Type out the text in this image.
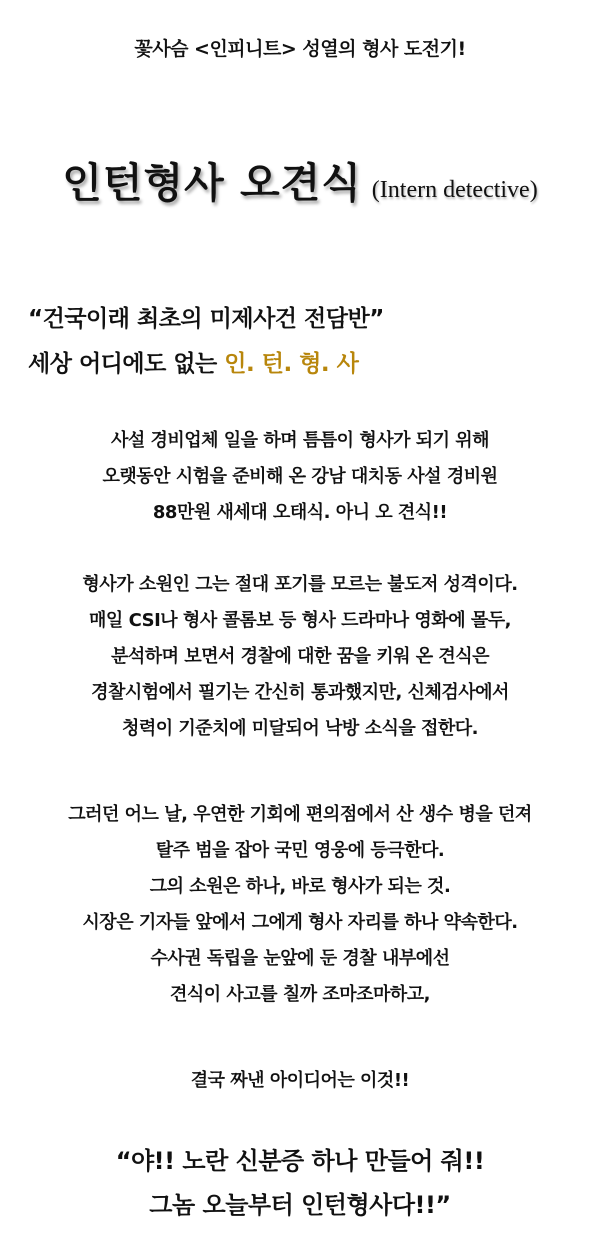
꽃사슴 <인피니트> 성열의 형사 도전기!
인턴형사 오견식 (Intern detective)
“건국이래 최초의 미제사건 전담반”
세상 어디에도 없는 인. 턴. 형. 사
사설 경비업체 일을 하며 틈틈이 형사가 되기 위해
오랫동안 시험을 준비해 온 강남 대치동 사설 경비원
88만원 새세대 오태식. 아니 오 견식!!
형사가 소원인 그는 절대 포기를 모르는 불도저 성격이다.
매일 CSI나 형사 콜롬보 등 형사 드라마나 영화에 몰두,
분석하며 보면서 경찰에 대한 꿈을 키워 온 견식은
경찰시험에서 필기는 간신히 통과했지만, 신체검사에서
청력이 기준치에 미달되어 낙방 소식을 접한다.
그러던 어느 날, 우연한 기회에 편의점에서 산 생수 병을 던져
탈주 범을 잡아 국민 영웅에 등극한다.
그의 소원은 하나, 바로 형사가 되는 것.
시장은 기자들 앞에서 그에게 형사 자리를 하나 약속한다.
수사권 독립을 눈앞에 둔 경찰 내부에선
견식이 사고를 칠까 조마조마하고,
결국 짜낸 아이디어는 이것!!
“야!! 노란 신분증 하나 만들어 줘!!
그놈 오늘부터 인턴형사다!!”
